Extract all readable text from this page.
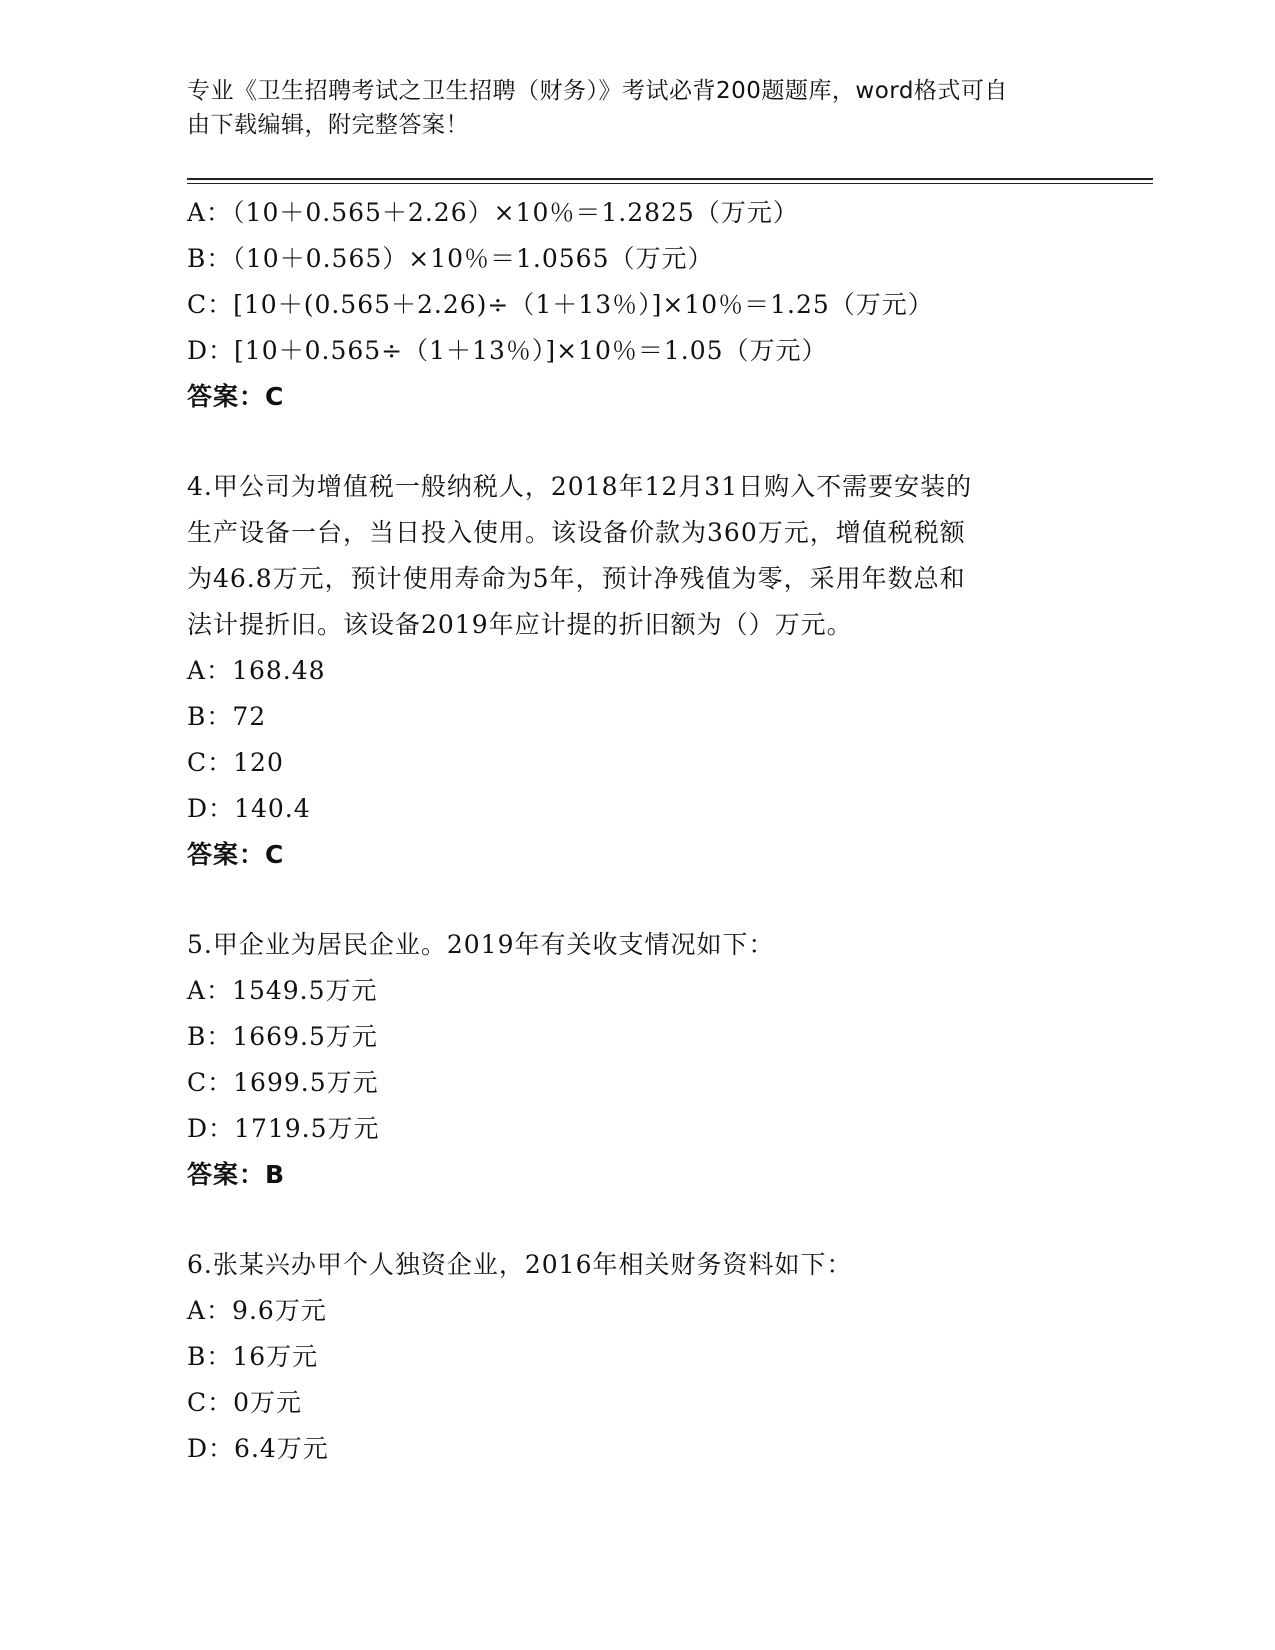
专业《卫生招聘考试之卫生招聘（财务）》考试必背200题题库，word格式可自
由下载编辑，附完整答案！
A：（10＋0.565＋2.26）×10％＝1.2825（万元）
B：（10＋0.565）×10％＝1.0565（万元）
C：[10＋(0.565＋2.26)÷（1＋13％）]×10％＝1.25（万元）
D：[10＋0.565÷（1＋13％）]×10％＝1.05（万元）
答案：C
4.甲公司为增值税一般纳税人，2018年12月31日购入不需要安装的
生产设备一台，当日投入使用。该设备价款为360万元，增值税税额
为46.8万元，预计使用寿命为5年，预计净残值为零，采用年数总和
法计提折旧。该设备2019年应计提的折旧额为（）万元。
A：168.48
B：72
C：120
D：140.4
答案：C
5.甲企业为居民企业。2019年有关收支情况如下：
A：1549.5万元
B：1669.5万元
C：1699.5万元
D：1719.5万元
答案：B
6.张某兴办甲个人独资企业，2016年相关财务资料如下：
A：9.6万元
B：16万元
C：0万元
D：6.4万元
